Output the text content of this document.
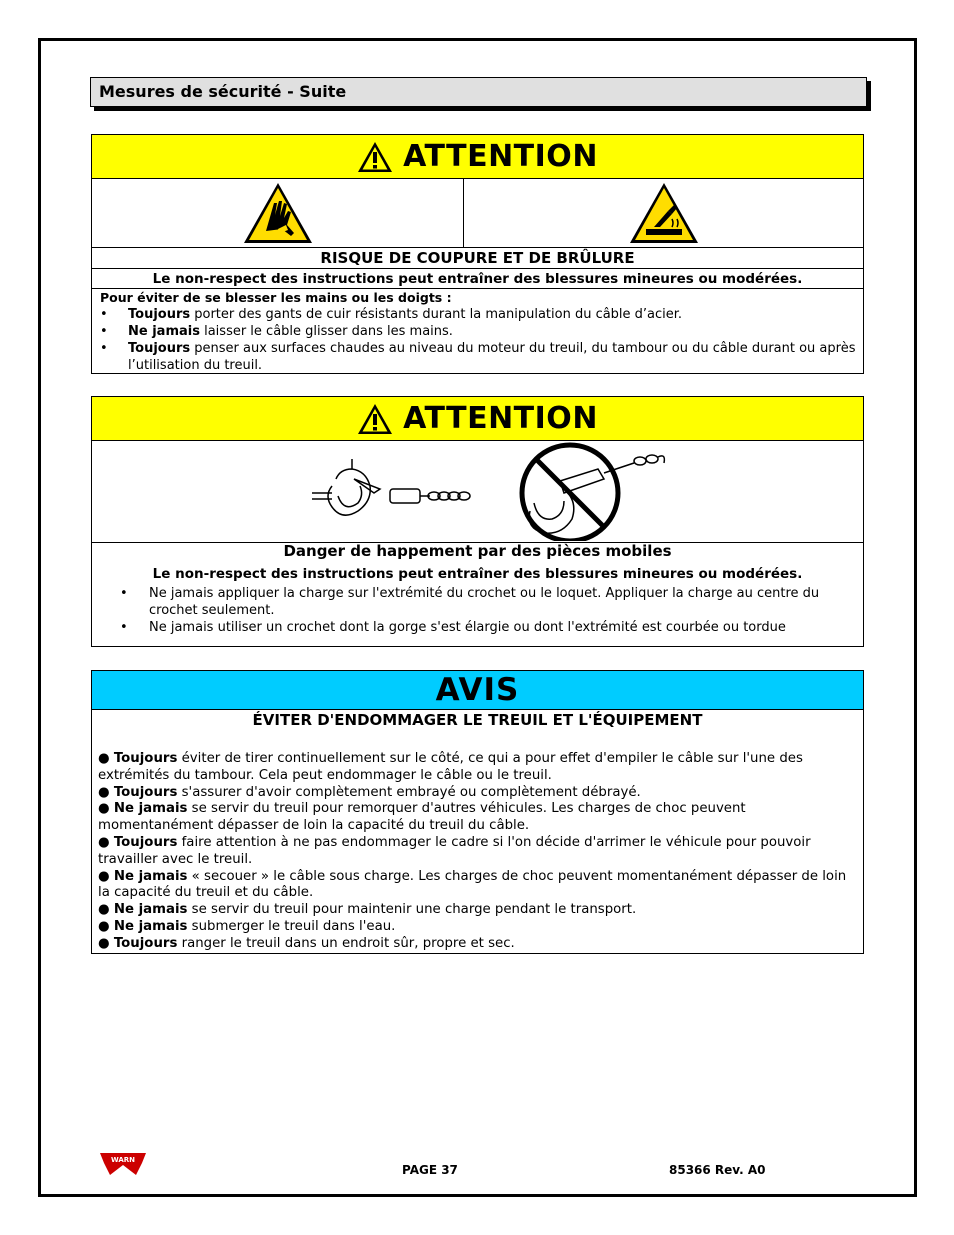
Mesures de sécurité - Suite
ATTENTION
RISQUE DE COUPURE ET DE BRÛLURE
Le non-respect des instructions peut entraîner des blessures mineures ou modérées.
Pour éviter de se blesser les mains ou les doigts :
• Toujours porter des gants de cuir résistants durant la manipulation du câble d’acier.
• Ne jamais laisser le câble glisser dans les mains.
• Toujours penser aux surfaces chaudes au niveau du moteur du treuil, du tambour ou du câble durant ou après l’utilisation du treuil.
ATTENTION
Danger de happement par des pièces mobiles
Le non-respect des instructions peut entraîner des blessures mineures ou modérées.
• Ne jamais appliquer la charge sur l'extrémité du crochet ou le loquet. Appliquer la charge au centre du crochet seulement.
• Ne jamais utiliser un crochet dont la gorge s'est élargie ou dont l'extrémité est courbée ou tordue
AVIS
ÉVITER D'ENDOMMAGER LE TREUIL ET L'ÉQUIPEMENT

● Toujours éviter de tirer continuellement sur le côté, ce qui a pour effet d'empiler le câble sur l'une des extrémités du tambour. Cela peut endommager le câble ou le treuil.

● Toujours s'assurer d'avoir complètement embrayé ou complètement débrayé.

● Ne jamais se servir du treuil pour remorquer d'autres véhicules. Les charges de choc peuvent momentanément dépasser de loin la capacité du treuil du câble.

● Toujours faire attention à ne pas endommager le cadre si l'on décide d'arrimer le véhicule pour pouvoir travailler avec le treuil.

● Ne jamais « secouer » le câble sous charge. Les charges de choc peuvent momentanément dépasser de loin la capacité du treuil et du câble.

● Ne jamais se servir du treuil pour maintenir une charge pendant le transport.

● Ne jamais submerger le treuil dans l'eau.

● Toujours ranger le treuil dans un endroit sûr, propre et sec.

WARN
PAGE 37	85366 Rev. A0
